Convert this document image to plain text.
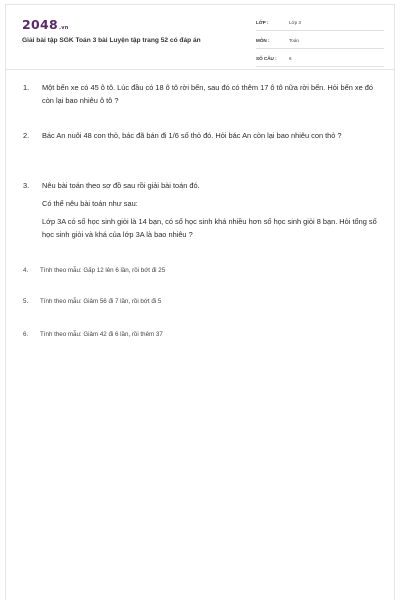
2048.vn
Giải bài tập SGK Toán 3 bài Luyện tập trang 52 có đáp án
LỚP :	Lớp 3
MÔN :	Toán
SỐ CÂU :	6
1. Một bến xe có 45 ô tô. Lúc đầu có 18 ô tô rời bến, sau đó có thêm 17 ô tô nữa rời bến. Hỏi bến xe đó còn lại bao nhiêu ô tô ?

2. Bác An nuôi 48 con thỏ, bác đã bán đi 1/6 số thỏ đó. Hỏi bác An còn lại bao nhiêu con thỏ ?

3. Nêu bài toán theo sơ đồ sau rồi giải bài toán đó.

Có thể nêu bài toán như sau:

Lớp 3A có số học sinh giỏi là 14 bạn, có số học sinh khá nhiều hơn số học sinh giỏi 8 bạn. Hỏi tổng số học sinh giỏi và khá của lớp 3A là bao nhiêu ?

4. Tính theo mẫu: Gấp 12 lên 6 lần, rồi bớt đi 25

5. Tính theo mẫu: Giảm 56 đi 7 lần, rồi bớt đi 5

6. Tính theo mẫu: Giảm 42 đi 6 lần, rồi thêm 37
